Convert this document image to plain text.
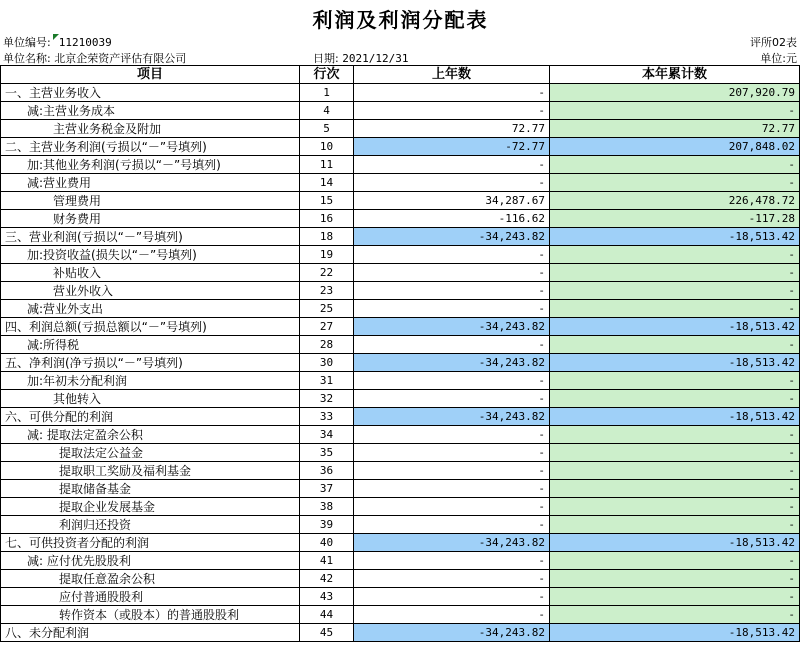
利润及利润分配表
单位编号: 11210039	评所02表
单位名称: 北京企荣资产评估有限公司	日期: 2021/12/31	单位:元
项目	行次	上年数	本年累计数
一、主营业务收入	1	-	207,920.79
减:主营业务成本	4	-	-
主营业务税金及附加	5	72.77	72.77
二、主营业务利润(亏损以“－”号填列)	10	-72.77	207,848.02
加:其他业务利润(亏损以“－”号填列)	11	-	-
减:营业费用	14	-	-
管理费用	15	34,287.67	226,478.72
财务费用	16	-116.62	-117.28
三、营业利润(亏损以“－”号填列)	18	-34,243.82	-18,513.42
加:投资收益(损失以“－”号填列)	19	-	-
补贴收入	22	-	-
营业外收入	23	-	-
减:营业外支出	25	-	-
四、利润总额(亏损总额以“－”号填列)	27	-34,243.82	-18,513.42
减:所得税	28	-	-
五、净利润(净亏损以“－”号填列)	30	-34,243.82	-18,513.42
加:年初未分配利润	31	-	-
其他转入	32	-	-
六、可供分配的利润	33	-34,243.82	-18,513.42
减: 提取法定盈余公积	34	-	-
提取法定公益金	35	-	-
提取职工奖励及福利基金	36	-	-
提取储备基金	37	-	-
提取企业发展基金	38	-	-
利润归还投资	39	-	-
七、可供投资者分配的利润	40	-34,243.82	-18,513.42
减: 应付优先股股利	41	-	-
提取任意盈余公积	42	-	-
应付普通股股利	43	-	-
转作资本（或股本）的普通股股利	44	-	-
八、未分配利润	45	-34,243.82	-18,513.42
